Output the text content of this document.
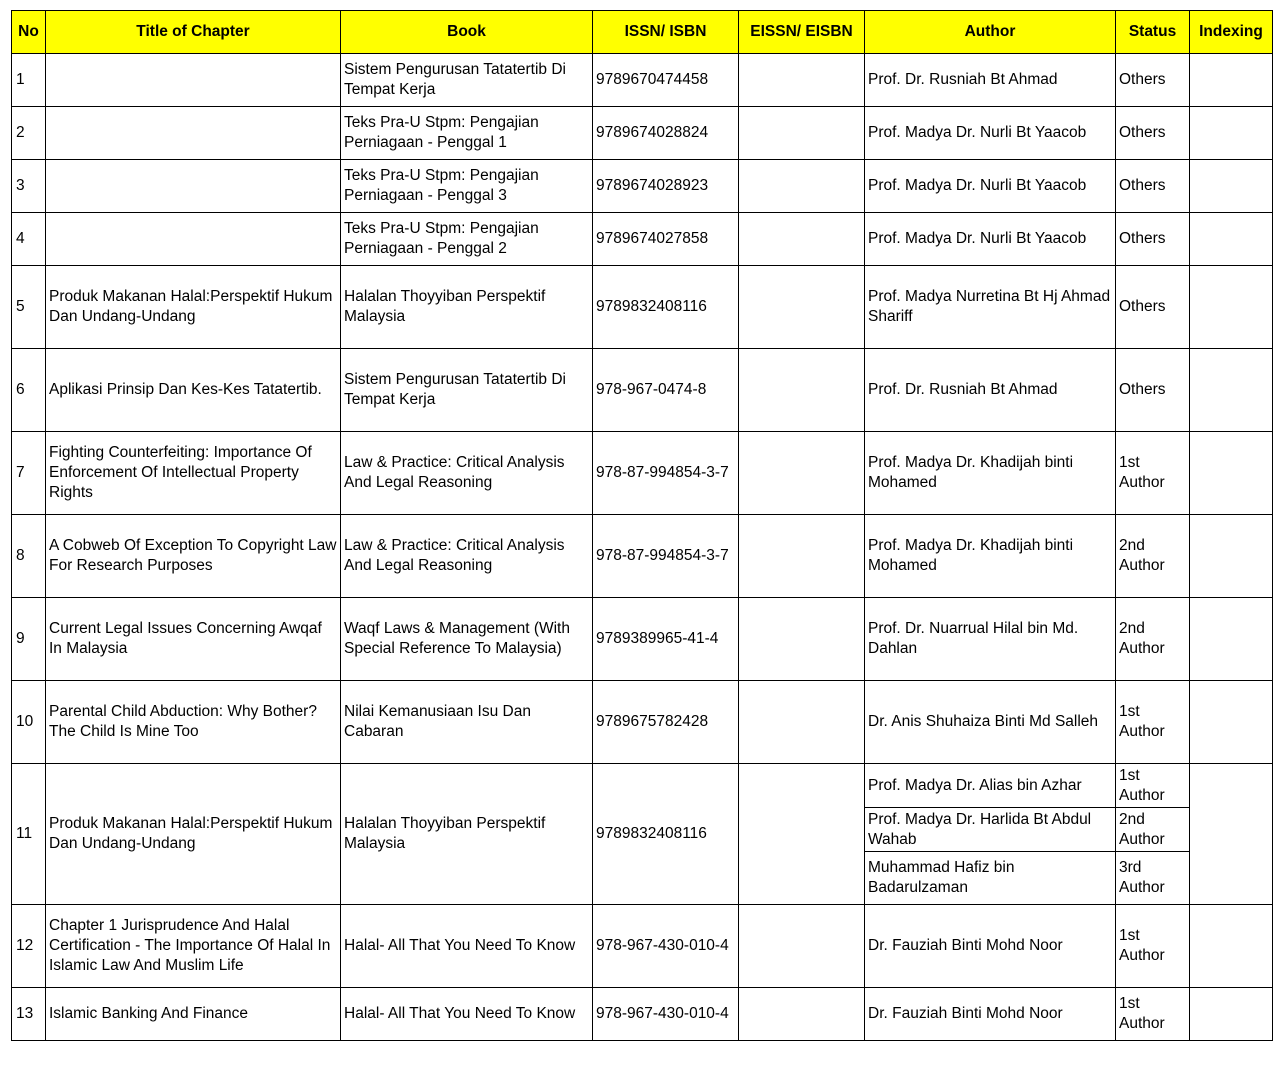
No	Title of Chapter	Book	ISSN/ ISBN	EISSN/ EISBN	Author	Status	Indexing
1		Sistem Pengurusan Tatatertib Di Tempat Kerja	9789670474458		Prof. Dr. Rusniah Bt Ahmad	Others	
2		Teks Pra-U Stpm: Pengajian Perniagaan - Penggal 1	9789674028824		Prof. Madya Dr. Nurli Bt Yaacob	Others	
3		Teks Pra-U Stpm: Pengajian Perniagaan - Penggal 3	9789674028923		Prof. Madya Dr. Nurli Bt Yaacob	Others	
4		Teks Pra-U Stpm: Pengajian Perniagaan - Penggal 2	9789674027858		Prof. Madya Dr. Nurli Bt Yaacob	Others	
5	Produk Makanan Halal:Perspektif Hukum Dan Undang-Undang	Halalan Thoyyiban Perspektif Malaysia	9789832408116		Prof. Madya Nurretina Bt Hj Ahmad Shariff	Others	
6	Aplikasi Prinsip Dan Kes-Kes Tatatertib.	Sistem Pengurusan Tatatertib Di Tempat Kerja	978-967-0474-8		Prof. Dr. Rusniah Bt Ahmad	Others	
7	Fighting Counterfeiting: Importance Of Enforcement Of Intellectual Property Rights	Law & Practice: Critical Analysis And Legal Reasoning	978-87-994854-3-7		Prof. Madya Dr. Khadijah binti Mohamed	1st Author	
8	A Cobweb Of Exception To Copyright Law For Research Purposes	Law & Practice: Critical Analysis And Legal Reasoning	978-87-994854-3-7		Prof. Madya Dr. Khadijah binti Mohamed	2nd Author	
9	Current Legal Issues Concerning Awqaf In Malaysia	Waqf Laws & Management (With Special Reference To Malaysia)	9789389965-41-4		Prof. Dr. Nuarrual Hilal bin Md. Dahlan	2nd Author	
10	Parental Child Abduction: Why Bother? The Child Is Mine Too	Nilai Kemanusiaan Isu Dan Cabaran	9789675782428		Dr. Anis Shuhaiza Binti Md Salleh	1st Author	
11	Produk Makanan Halal:Perspektif Hukum Dan Undang-Undang	Halalan Thoyyiban Perspektif Malaysia	9789832408116		Prof. Madya Dr. Alias bin Azhar	1st Author	
					Prof. Madya Dr. Harlida Bt Abdul Wahab	2nd Author	
					Muhammad Hafiz bin Badarulzaman	3rd Author	
12	Chapter 1 Jurisprudence And Halal Certification - The Importance Of Halal In Islamic Law And Muslim Life	Halal- All That You Need To Know	978-967-430-010-4		Dr. Fauziah Binti Mohd Noor	1st Author	
13	Islamic Banking And Finance	Halal- All That You Need To Know	978-967-430-010-4		Dr. Fauziah Binti Mohd Noor	1st Author	
